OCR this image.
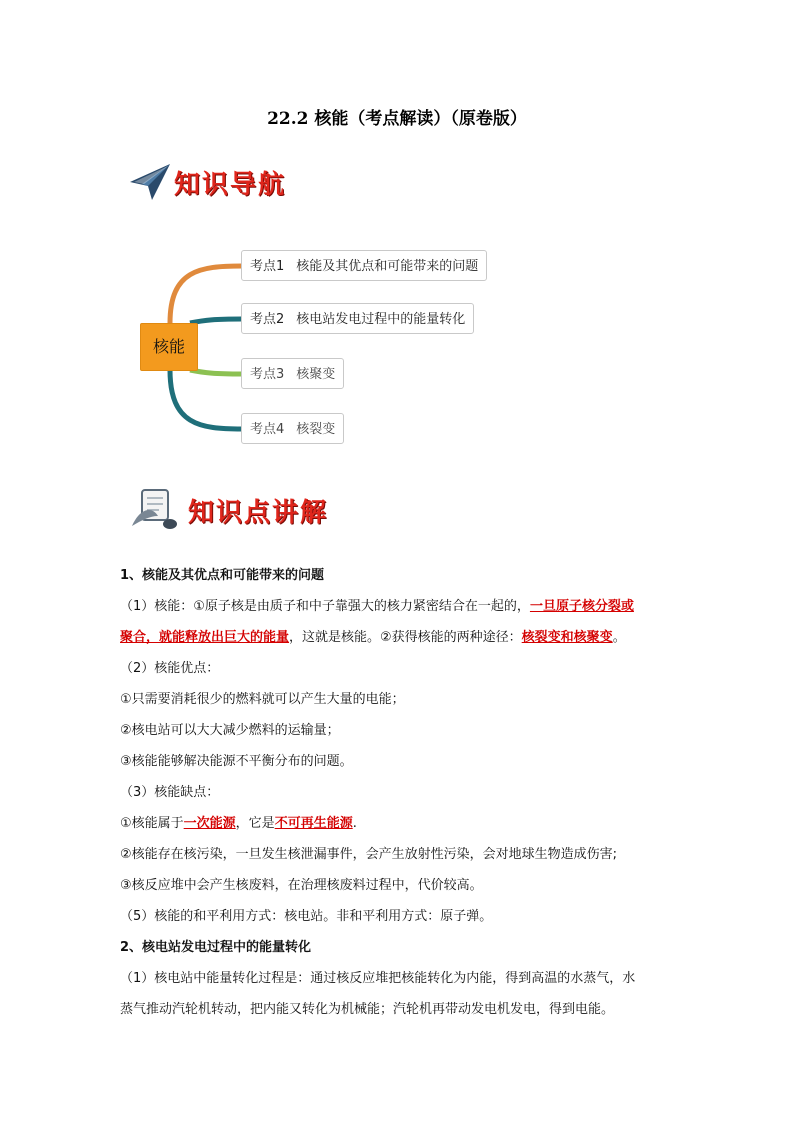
22.2 核能（考点解读）（原卷版）
知识导航
核能
考点1 核能及其优点和可能带来的问题
考点2 核电站发电过程中的能量转化
考点3 核聚变
考点4 核裂变
知识点讲解

1、核能及其优点和可能带来的问题

（1）核能：①原子核是由质子和中子靠强大的核力紧密结合在一起的，一旦原子核分裂或

聚合，就能释放出巨大的能量，这就是核能。②获得核能的两种途径：核裂变和核聚变。

（2）核能优点：

①只需要消耗很少的燃料就可以产生大量的电能；

②核电站可以大大减少燃料的运输量；

③核能能够解决能源不平衡分布的问题。

（3）核能缺点：

①核能属于一次能源，它是不可再生能源.

②核能存在核污染，一旦发生核泄漏事件，会产生放射性污染，会对地球生物造成伤害;

③核反应堆中会产生核废料，在治理核废料过程中，代价较高。

（5）核能的和平利用方式：核电站。非和平利用方式：原子弹。

2、核电站发电过程中的能量转化

（1）核电站中能量转化过程是：通过核反应堆把核能转化为内能，得到高温的水蒸气，水

蒸气推动汽轮机转动，把内能又转化为机械能；汽轮机再带动发电机发电，得到电能。
